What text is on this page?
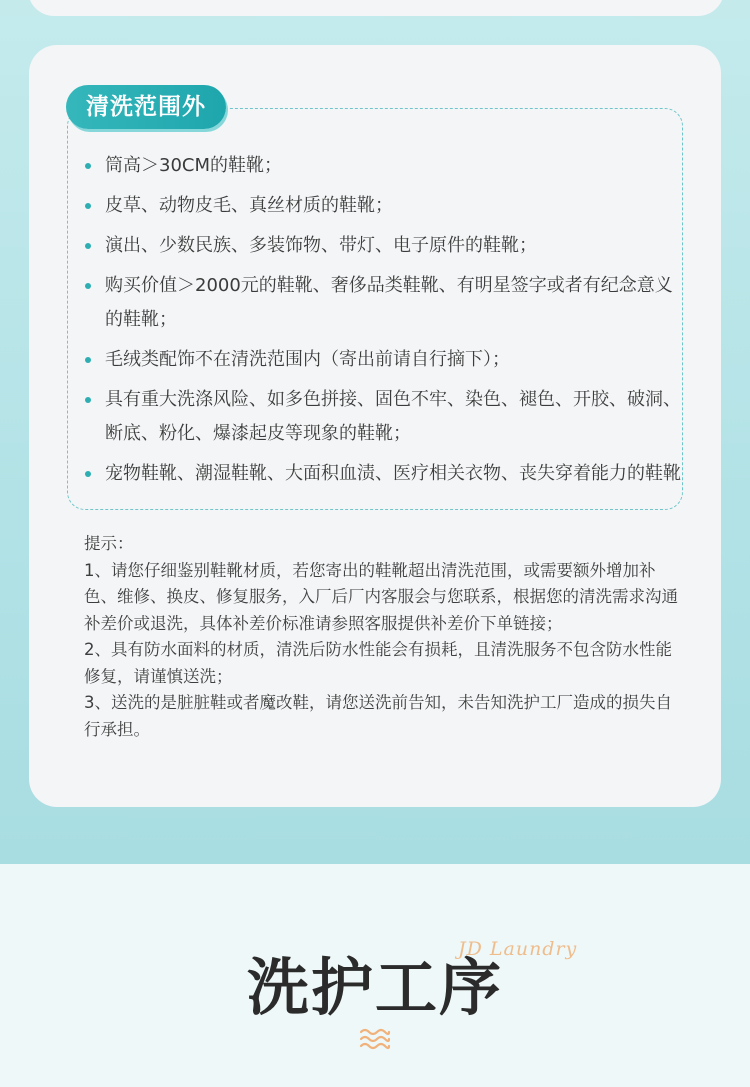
清洗范围外
筒高＞30CM的鞋靴；
皮草、动物皮毛、真丝材质的鞋靴；
演出、少数民族、多装饰物、带灯、电子原件的鞋靴；
购买价值＞2000元的鞋靴、奢侈品类鞋靴、有明星签字或者有纪念意义的鞋靴；
毛绒类配饰不在清洗范围内（寄出前请自行摘下）；
具有重大洗涤风险、如多色拼接、固色不牢、染色、褪色、开胶、破洞、断底、粉化、爆漆起皮等现象的鞋靴；
宠物鞋靴、潮湿鞋靴、大面积血渍、医疗相关衣物、丧失穿着能力的鞋靴

提示：

1、请您仔细鉴别鞋靴材质，若您寄出的鞋靴超出清洗范围，或需要额外增加补色、维修、换皮、修复服务，入厂后厂内客服会与您联系，根据您的清洗需求沟通补差价或退洗，具体补差价标准请参照客服提供补差价下单链接；

2、具有防水面料的材质，清洗后防水性能会有损耗，且清洗服务不包含防水性能修复，请谨慎送洗；

3、送洗的是脏脏鞋或者魔改鞋，请您送洗前告知，未告知洗护工厂造成的损失自行承担。

洗护工序
JD Laundry
